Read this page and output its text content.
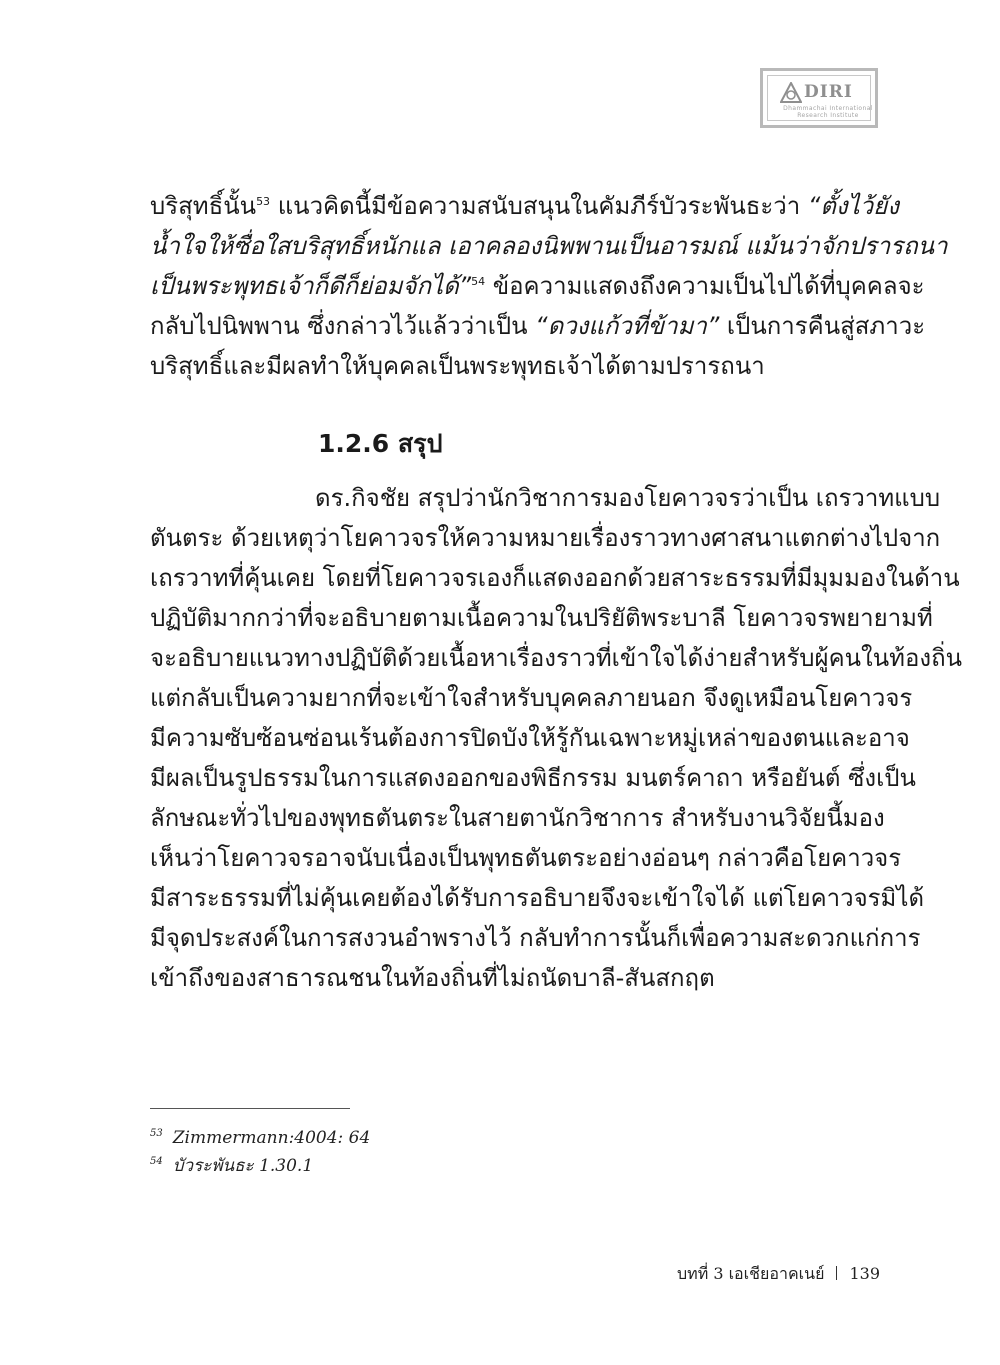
DIRI
Dhammachai International Research Institute
บริสุทธิ์นั้น$^{53}$ แนวคิดนี้มีข้อความสนับสนุนในคัมภีร์บัวระพันธะว่า “ตั้งไว้ยัง
น้ำใจให้ซื่อใสบริสุทธิ์หนักแล เอาคลองนิพพานเป็นอารมณ์ แม้นว่าจักปรารถนา
เป็นพระพุทธเจ้าก็ดีก็ย่อมจักได้”$^{54}$ ข้อความแสดงถึงความเป็นไปได้ที่บุคคลจะ
กลับไปนิพพาน ซึ่งกล่าวไว้แล้วว่าเป็น “ดวงแก้วที่ข้ามา” เป็นการคืนสู่สภาวะ
บริสุทธิ์และมีผลทำให้บุคคลเป็นพระพุทธเจ้าได้ตามปรารถนา
1.2.6 สรุป
ดร.กิจชัย สรุปว่านักวิชาการมองโยคาวจรว่าเป็น เถรวาทแบบ
ตันตระ ด้วยเหตุว่าโยคาวจรให้ความหมายเรื่องราวทางศาสนาแตกต่างไปจาก
เถรวาทที่คุ้นเคย โดยที่โยคาวจรเองก็แสดงออกด้วยสาระธรรมที่มีมุมมองในด้าน
ปฏิบัติมากกว่าที่จะอธิบายตามเนื้อความในปริยัติพระบาลี โยคาวจรพยายามที่
จะอธิบายแนวทางปฏิบัติด้วยเนื้อหาเรื่องราวที่เข้าใจได้ง่ายสำหรับผู้คนในท้องถิ่น
แต่กลับเป็นความยากที่จะเข้าใจสำหรับบุคคลภายนอก จึงดูเหมือนโยคาวจร
มีความซับซ้อนซ่อนเร้นต้องการปิดบังให้รู้กันเฉพาะหมู่เหล่าของตนและอาจ
มีผลเป็นรูปธรรมในการแสดงออกของพิธีกรรม มนตร์คาถา หรือยันต์ ซึ่งเป็น
ลักษณะทั่วไปของพุทธตันตระในสายตานักวิชาการ สำหรับงานวิจัยนี้มอง
เห็นว่าโยคาวจรอาจนับเนื่องเป็นพุทธตันตระอย่างอ่อนๆ กล่าวคือโยคาวจร
มีสาระธรรมที่ไม่คุ้นเคยต้องได้รับการอธิบายจึงจะเข้าใจได้ แต่โยคาวจรมิได้
มีจุดประสงค์ในการสงวนอำพรางไว้ กลับทำการนั้นก็เพื่อความสะดวกแก่การ
เข้าถึงของสาธารณชนในท้องถิ่นที่ไม่ถนัดบาลี-สันสกฤต
$^{53}$ Zimmermann:4004: 64
$^{54}$ บัวระพันธะ 1.30.1
บทที่ 3 เอเชียอาคเนย์ 139
